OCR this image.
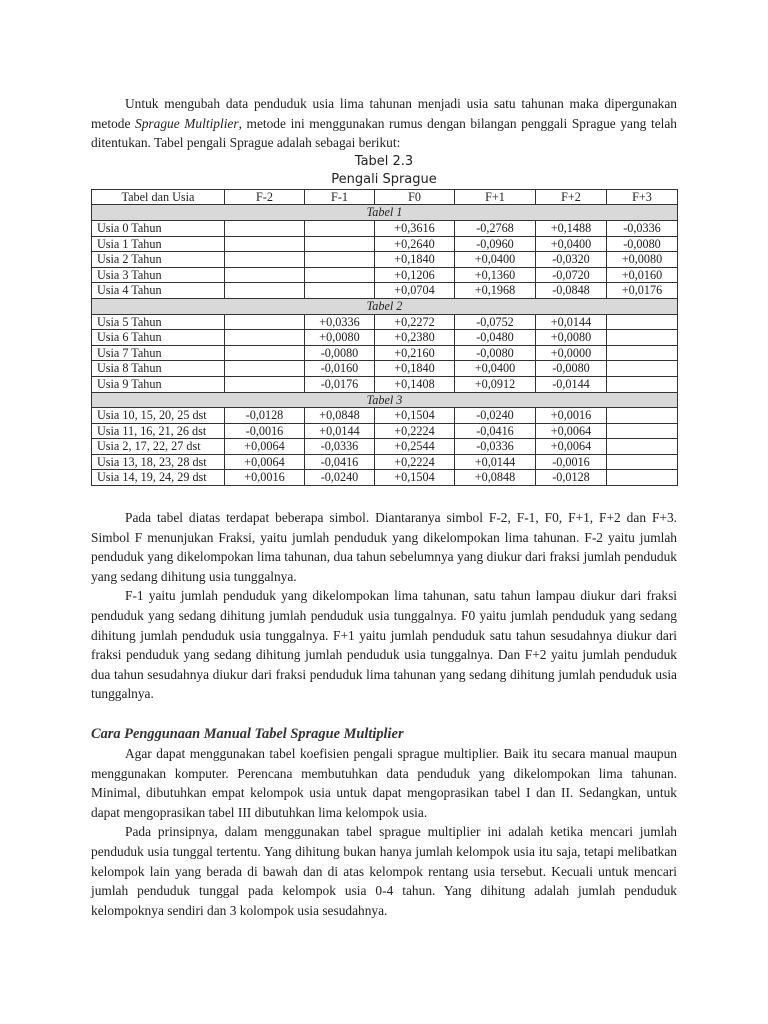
Untuk mengubah data penduduk usia lima tahunan menjadi usia satu tahunan maka dipergunakan metode Sprague Multiplier, metode ini menggunakan rumus dengan bilangan penggali Sprague yang telah ditentukan. Tabel pengali Sprague adalah sebagai berikut:

Tabel 2.3
Pengali Sprague
Tabel dan Usia	F-2	F-1	F0	F+1	F+2	F+3
Tabel 1						
Usia 0 Tahun			+0,3616	-0,2768	+0,1488	-0,0336
Usia 1 Tahun			+0,2640	-0,0960	+0,0400	-0,0080
Usia 2 Tahun			+0,1840	+0,0400	-0,0320	+0,0080
Usia 3 Tahun			+0,1206	+0,1360	-0,0720	+0,0160
Usia 4 Tahun			+0,0704	+0,1968	-0,0848	+0,0176
Tabel 2						
Usia 5 Tahun		+0,0336	+0,2272	-0,0752	+0,0144	
Usia 6 Tahun		+0,0080	+0,2380	-0,0480	+0,0080	
Usia 7 Tahun		-0,0080	+0,2160	-0,0080	+0,0000	
Usia 8 Tahun		-0,0160	+0,1840	+0,0400	-0,0080	
Usia 9 Tahun		-0,0176	+0,1408	+0,0912	-0,0144	
Tabel 3						
Usia 10, 15, 20, 25 dst	-0,0128	+0,0848	+0,1504	-0,0240	+0,0016	
Usia 11, 16, 21, 26 dst	-0,0016	+0,0144	+0,2224	-0,0416	+0,0064	
Usia 2, 17, 22, 27 dst	+0,0064	-0,0336	+0,2544	-0,0336	+0,0064	
Usia 13, 18, 23, 28 dst	+0,0064	-0,0416	+0,2224	+0,0144	-0,0016	
Usia 14, 19, 24, 29 dst	+0,0016	-0,0240	+0,1504	+0,0848	-0,0128	

Pada tabel diatas terdapat beberapa simbol. Diantaranya simbol F-2, F-1, F0, F+1, F+2 dan F+3. Simbol F menunjukan Fraksi, yaitu jumlah penduduk yang dikelompokan lima tahunan. F-2 yaitu jumlah penduduk yang dikelompokan lima tahunan, dua tahun sebelumnya yang diukur dari fraksi jumlah penduduk yang sedang dihitung usia tunggalnya.

F-1 yaitu jumlah penduduk yang dikelompokan lima tahunan, satu tahun lampau diukur dari fraksi penduduk yang sedang dihitung jumlah penduduk usia tunggalnya. F0 yaitu jumlah penduduk yang sedang dihitung jumlah penduduk usia tunggalnya. F+1 yaitu jumlah penduduk satu tahun sesudahnya diukur dari fraksi penduduk yang sedang dihitung jumlah penduduk usia tunggalnya. Dan F+2 yaitu jumlah penduduk dua tahun sesudahnya diukur dari fraksi penduduk lima tahunan yang sedang dihitung jumlah penduduk usia tunggalnya.

Cara Penggunaan Manual Tabel Sprague Multiplier

Agar dapat menggunakan tabel koefisien pengali sprague multiplier. Baik itu secara manual maupun menggunakan komputer. Perencana membutuhkan data penduduk yang dikelompokan lima tahunan. Minimal, dibutuhkan empat kelompok usia untuk dapat mengoprasikan tabel I dan II. Sedangkan, untuk dapat mengoprasikan tabel III dibutuhkan lima kelompok usia.

Pada prinsipnya, dalam menggunakan tabel sprague multiplier ini adalah ketika mencari jumlah penduduk usia tunggal tertentu. Yang dihitung bukan hanya jumlah kelompok usia itu saja, tetapi melibatkan kelompok lain yang berada di bawah dan di atas kelompok rentang usia tersebut. Kecuali untuk mencari jumlah penduduk tunggal pada kelompok usia 0-4 tahun. Yang dihitung adalah jumlah penduduk kelompoknya sendiri dan 3 kolompok usia sesudahnya.
